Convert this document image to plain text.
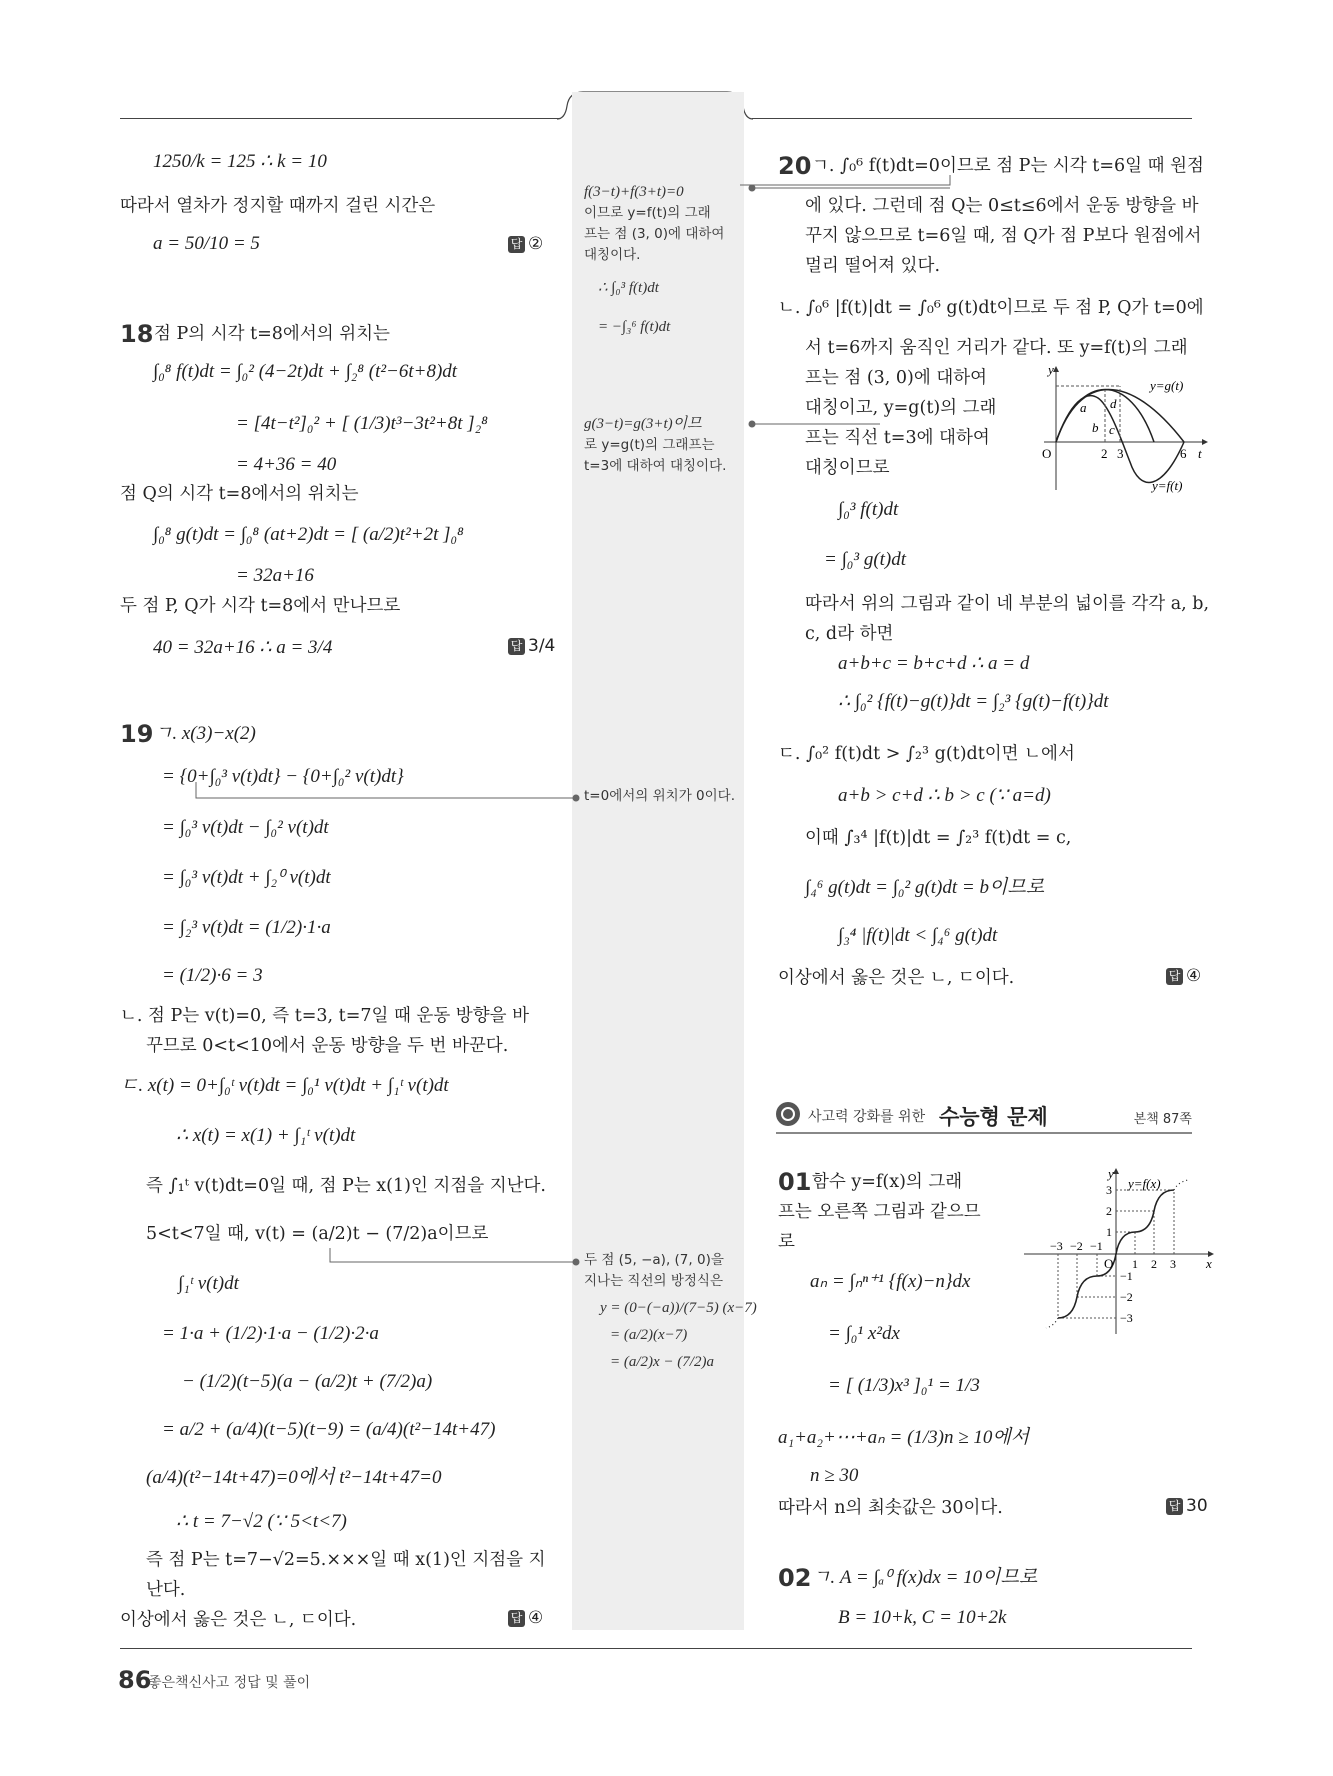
1250/k = 125 ∴ k = 10
따라서 열차가 정지할 때까지 걸린 시간은
a = 50/10 = 5	답 ②
18 점 P의 시각 t=8에서의 위치는
∫₀⁸ f(t)dt = ∫₀² (4−2t)dt + ∫₂⁸ (t²−6t+8)dt
= [4t−t²]₀² + [ (1/3)t³−3t²+8t ]₂⁸
= 4+36 = 40
점 Q의 시각 t=8에서의 위치는
∫₀⁸ g(t)dt = ∫₀⁸ (at+2)dt = [ (a/2)t²+2t ]₀⁸
= 32a+16
두 점 P, Q가 시각 t=8에서 만나므로
40 = 32a+16 ∴ a = 3/4	답 3/4
19 ㄱ. x(3)−x(2)
= {0+∫₀³ v(t)dt} − {0+∫₀² v(t)dt}
= ∫₀³ v(t)dt − ∫₀² v(t)dt
= ∫₀³ v(t)dt + ∫₂⁰ v(t)dt
= ∫₂³ v(t)dt = (1/2)·1·a
= (1/2)·6 = 3
ㄴ. 점 P는 v(t)=0, 즉 t=3, t=7일 때 운동 방향을 바
꾸므로 0<t<10에서 운동 방향을 두 번 바꾼다.
ㄷ. x(t) = 0+∫₀ᵗ v(t)dt = ∫₀¹ v(t)dt + ∫₁ᵗ v(t)dt
∴ x(t) = x(1) + ∫₁ᵗ v(t)dt
즉 ∫₁ᵗ v(t)dt=0일 때, 점 P는 x(1)인 지점을 지난다.
5<t<7일 때, v(t) = (a/2)t − (7/2)a이므로
∫₁ᵗ v(t)dt
= 1·a + (1/2)·1·a − (1/2)·2·a
− (1/2)(t−5)(a − (a/2)t + (7/2)a)
= a/2 + (a/4)(t−5)(t−9) = (a/4)(t²−14t+47)
(a/4)(t²−14t+47)=0에서 t²−14t+47=0
∴ t = 7−√2 (∵ 5<t<7)
즉 점 P는 t=7−√2=5.×××일 때 x(1)인 지점을 지
난다.
이상에서 옳은 것은 ㄴ, ㄷ이다.	답 ④
f(3−t)+f(3+t)=0
이므로 y=f(t)의 그래
프는 점 (3, 0)에 대하여
대칭이다.
∴ ∫₀³ f(t)dt
= −∫₃⁶ f(t)dt
g(3−t)=g(3+t)이므
로 y=g(t)의 그래프는
t=3에 대하여 대칭이다.
t=0에서의 위치가 0이다.
두 점 (5, −a), (7, 0)을
지나는 직선의 방정식은
y = (0−(−a))/(7−5) (x−7)
= (a/2)(x−7)
= (a/2)x − (7/2)a
20 ㄱ. ∫₀⁶ f(t)dt=0이므로 점 P는 시각 t=6일 때 원점
에 있다. 그런데 점 Q는 0≤t≤6에서 운동 방향을 바
꾸지 않으므로 t=6일 때, 점 Q가 점 P보다 원점에서
멀리 떨어져 있다.
ㄴ. ∫₀⁶ |f(t)|dt = ∫₀⁶ g(t)dt이므로 두 점 P, Q가 t=0에
서 t=6까지 움직인 거리가 같다. 또 y=f(t)의 그래
프는 점 (3, 0)에 대하여
대칭이고, y=g(t)의 그래
프는 직선 t=3에 대하여
대칭이므로
∫₀³ f(t)dt
= ∫₀³ g(t)dt
따라서 위의 그림과 같이 네 부분의 넓이를 각각 a, b,
c, d라 하면
a+b+c = b+c+d ∴ a = d
∴ ∫₀² {f(t)−g(t)}dt = ∫₂³ {g(t)−f(t)}dt
ㄷ. ∫₀² f(t)dt > ∫₂³ g(t)dt이면 ㄴ에서
a+b > c+d ∴ b > c (∵ a=d)
이때 ∫₃⁴ |f(t)|dt = ∫₂³ f(t)dt = c,
∫₄⁶ g(t)dt = ∫₀² g(t)dt = b이므로
∫₃⁴ |f(t)|dt < ∫₄⁶ g(t)dt
이상에서 옳은 것은 ㄴ, ㄷ이다.	답 ④
y
O	t
2 3	6
a
b c
d
y=g(t)
y=f(t)
사고력 강화를 위한 수능형 문제	본책 87쪽
01 함수 y=f(x)의 그래
프는 오른쪽 그림과 같으므
로
aₙ = ∫ₙⁿ⁺¹ {f(x)−n}dx
= ∫₀¹ x²dx
= [ (1/3)x³ ]₀¹ = 1/3
a₁+a₂+⋯+aₙ = (1/3)n ≥ 10에서
n ≥ 30
따라서 n의 최솟값은 30이다.	답 30
y
x
O
y=f(x)
−3 −2 −1
1 2 3
3
2
1
−1
−2
−3
02 ㄱ. A = ∫ₐ⁰ f(x)dx = 10이므로
B = 10+k, C = 10+2k
86
좋은책신사고 정답 및 풀이
